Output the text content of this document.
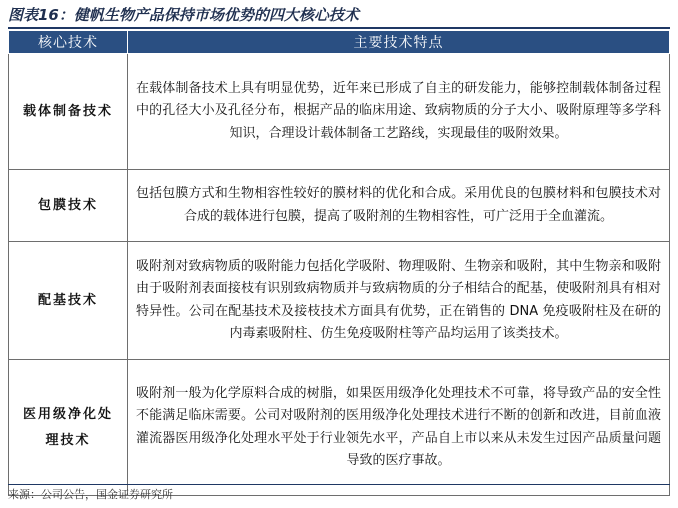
图表16：健帆生物产品保持市场优势的四大核心技术
核心技术	主要技术特点
载体制备技术	在载体制备技术上具有明显优势，近年来已形成了自主的研发能力，能够控制载体制备过程中的孔径大小及孔径分布，根据产品的临床用途、致病物质的分子大小、吸附原理等多学科知识，合理设计载体制备工艺路线，实现最佳的吸附效果。
包膜技术	包括包膜方式和生物相容性较好的膜材料的优化和合成。采用优良的包膜材料和包膜技术对合成的载体进行包膜，提高了吸附剂的生物相容性，可广泛用于全血灌流。
配基技术	吸附剂对致病物质的吸附能力包括化学吸附、物理吸附、生物亲和吸附，其中生物亲和吸附由于吸附剂表面接枝有识别致病物质并与致病物质的分子相结合的配基，使吸附剂具有相对特异性。公司在配基技术及接枝技术方面具有优势，正在销售的 DNA 免疫吸附柱及在研的内毒素吸附柱、仿生免疫吸附柱等产品均运用了该类技术。
医用级净化处理技术	吸附剂一般为化学原料合成的树脂，如果医用级净化处理技术不可靠，将导致产品的安全性不能满足临床需要。公司对吸附剂的医用级净化处理技术进行不断的创新和改进，目前血液灌流器医用级净化处理水平处于行业领先水平，产品自上市以来从未发生过因产品质量问题导致的医疗事故。
来源：公司公告，国金证券研究所
